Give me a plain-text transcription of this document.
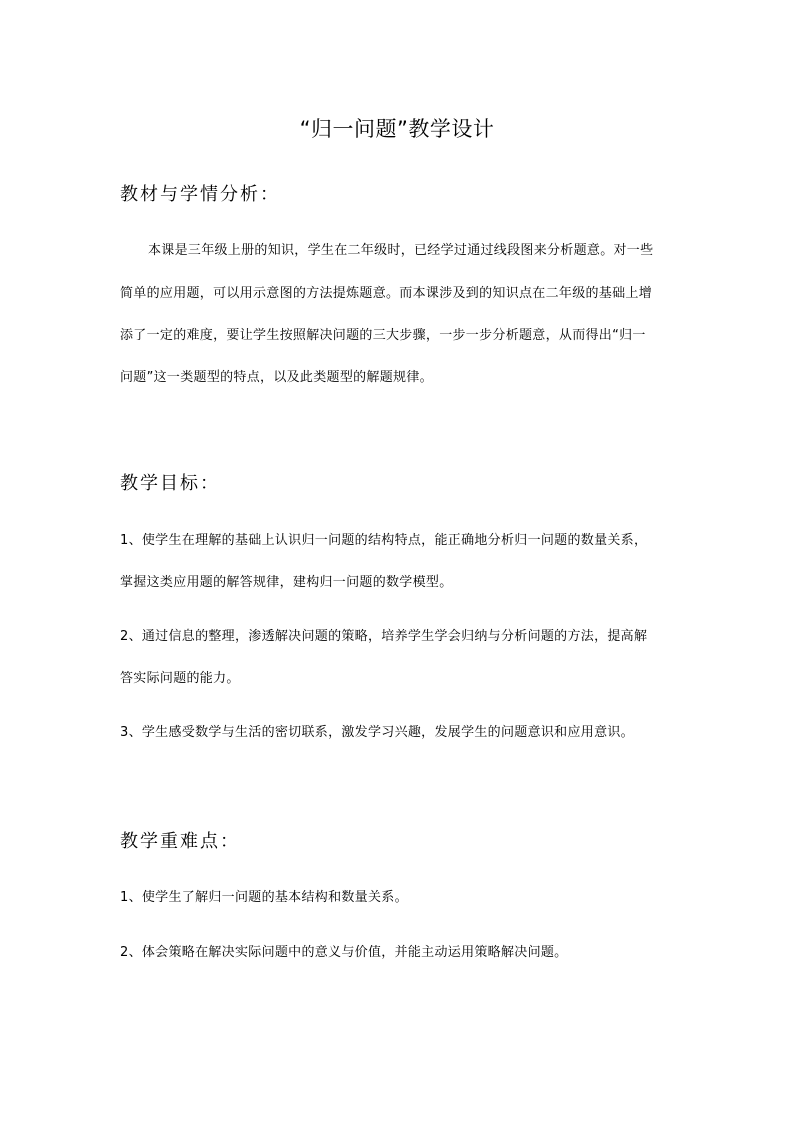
“归一问题”教学设计
教材与学情分析：
本课是三年级上册的知识，学生在二年级时，已经学过通过线段图来分析题意。对一些
简单的应用题，可以用示意图的方法提炼题意。而本课涉及到的知识点在二年级的基础上增
添了一定的难度，要让学生按照解决问题的三大步骤，一步一步分析题意，从而得出“归一
问题”这一类题型的特点，以及此类题型的解题规律。
教学目标：
1、使学生在理解的基础上认识归一问题的结构特点，能正确地分析归一问题的数量关系，
掌握这类应用题的解答规律，建构归一问题的数学模型。
2、通过信息的整理，渗透解决问题的策略，培养学生学会归纳与分析问题的方法，提高解
答实际问题的能力。
3、学生感受数学与生活的密切联系，激发学习兴趣，发展学生的问题意识和应用意识。
教学重难点：
1、使学生了解归一问题的基本结构和数量关系。
2、体会策略在解决实际问题中的意义与价值，并能主动运用策略解决问题。
